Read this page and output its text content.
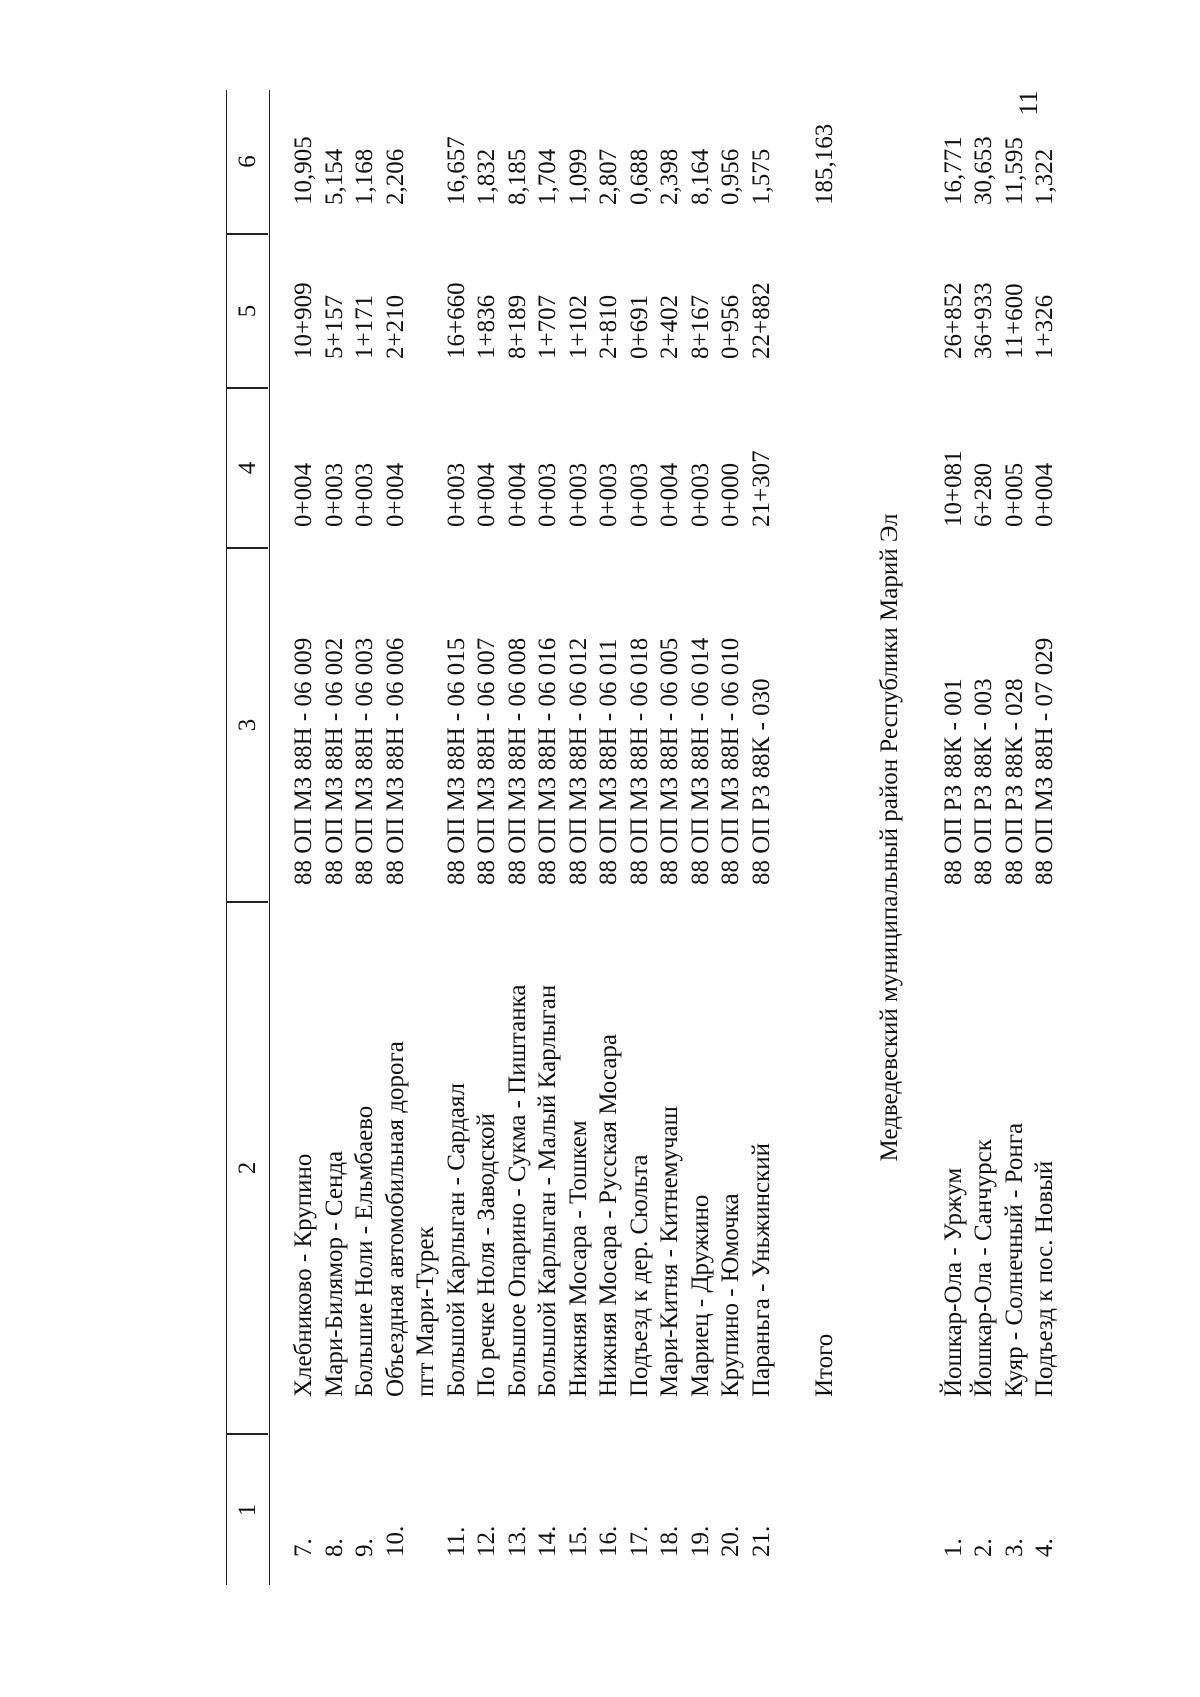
11
1
2
3
4
5
6
7.
Хлебниково - Крупино
88 ОП МЗ 88Н - 06 009
0+004
10+909
10,905
8.
Мари-Билямор - Сенда
88 ОП МЗ 88Н - 06 002
0+003
5+157
5,154
9.
Большие Ноли - Ельмбаево
88 ОП МЗ 88Н - 06 003
0+003
1+171
1,168
10.
Объездная автомобильная дорога
88 ОП МЗ 88Н - 06 006
0+004
2+210
2,206
пгт Мари-Турек
11.
Большой Карлыган - Сардаял
88 ОП МЗ 88Н - 06 015
0+003
16+660
16,657
12.
По речке Ноля - Заводской
88 ОП МЗ 88Н - 06 007
0+004
1+836
1,832
13.
Большое Опарино - Сукма - Пиштанка
88 ОП МЗ 88Н - 06 008
0+004
8+189
8,185
14.
Большой Карлыган - Малый Карлыган
88 ОП МЗ 88Н - 06 016
0+003
1+707
1,704
15.
Нижняя Мосара - Тошкем
88 ОП МЗ 88Н - 06 012
0+003
1+102
1,099
16.
Нижняя Мосара - Русская Мосара
88 ОП МЗ 88Н - 06 011
0+003
2+810
2,807
17.
Подъезд к дер. Сюльта
88 ОП МЗ 88Н - 06 018
0+003
0+691
0,688
18.
Мари-Китня - Китнемучаш
88 ОП МЗ 88Н - 06 005
0+004
2+402
2,398
19.
Мариец - Дружино
88 ОП МЗ 88Н - 06 014
0+003
8+167
8,164
20.
Крупино - Юмочка
88 ОП МЗ 88Н - 06 010
0+000
0+956
0,956
21.
Параньга - Уньжинский
88 ОП РЗ 88К - 030
21+307
22+882
1,575
Итого
185,163
Медведевский муниципальный район Республики Марий Эл
1.
Йошкар-Ола - Уржум
88 ОП РЗ 88К - 001
10+081
26+852
16,771
2.
Йошкар-Ола - Санчурск
88 ОП РЗ 88К - 003
6+280
36+933
30,653
3.
Куяр - Солнечный - Ронга
88 ОП РЗ 88К - 028
0+005
11+600
11,595
4.
Подъезд к пос. Новый
88 ОП МЗ 88Н - 07 029
0+004
1+326
1,322
